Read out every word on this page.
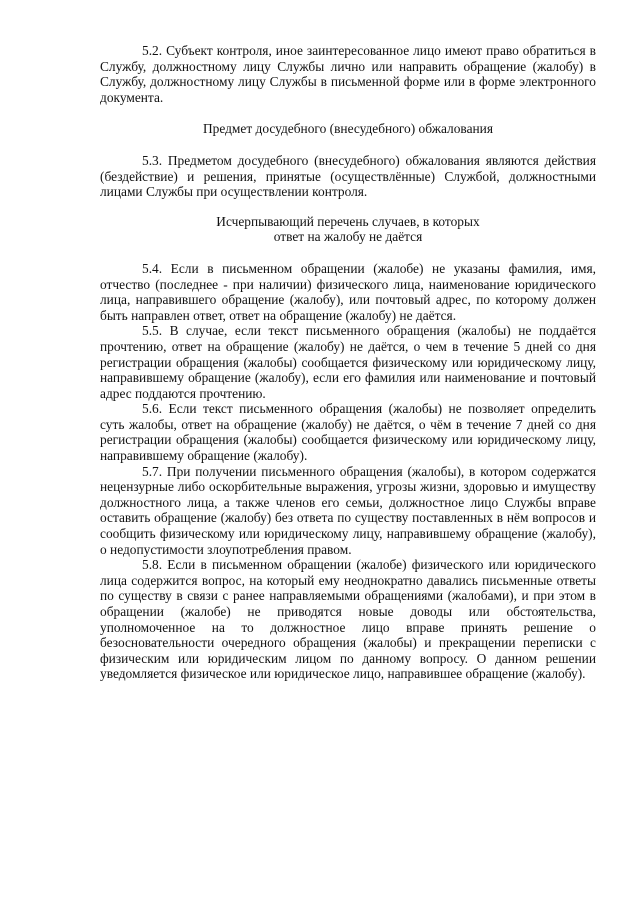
5.2. Субъект контроля, иное заинтересованное лицо имеют право обратиться в Службу, должностному лицу Службы лично или направить обращение (жалобу) в Службу, должностному лицу Службы в письменной форме или в форме электронного документа.

Предмет досудебного (внесудебного) обжалования

5.3. Предметом досудебного (внесудебного) обжалования являются действия (бездействие) и решения, принятые (осуществлённые) Службой, должностными лицами Службы при осуществлении контроля.

Исчерпывающий перечень случаев, в которых

ответ на жалобу не даётся

5.4. Если в письменном обращении (жалобе) не указаны фамилия, имя, отчество (последнее - при наличии) физического лица, наименование юридического лица, направившего обращение (жалобу), или почтовый адрес, по которому должен быть направлен ответ, ответ на обращение (жалобу) не даётся.

5.5. В случае, если текст письменного обращения (жалобы) не поддаётся прочтению, ответ на обращение (жалобу) не даётся, о чем в течение 5 дней со дня регистрации обращения (жалобы) сообщается физическому или юридическому лицу, направившему обращение (жалобу), если его фамилия или наименование и почтовый адрес поддаются прочтению.

5.6. Если текст письменного обращения (жалобы) не позволяет определить суть жалобы, ответ на обращение (жалобу) не даётся, о чём в течение 7 дней со дня регистрации обращения (жалобы) сообщается физическому или юридическому лицу, направившему обращение (жалобу).

5.7. При получении письменного обращения (жалобы), в котором содержатся нецензурные либо оскорбительные выражения, угрозы жизни, здоровью и имуществу должностного лица, а также членов его семьи, должностное лицо Службы вправе оставить обращение (жалобу) без ответа по существу поставленных в нём вопросов и сообщить физическому или юридическому лицу, направившему обращение (жалобу), о недопустимости злоупотребления правом.

5.8. Если в письменном обращении (жалобе) физического или юридического лица содержится вопрос, на который ему неоднократно давались письменные ответы по существу в связи с ранее направляемыми обращениями (жалобами), и при этом в обращении (жалобе) не приводятся новые доводы или обстоятельства, уполномоченное на то должностное лицо вправе принять решение о безосновательности очередного обращения (жалобы) и прекращении переписки с физическим или юридическим лицом по данному вопросу. О данном решении уведомляется физическое или юридическое лицо, направившее обращение (жалобу).
